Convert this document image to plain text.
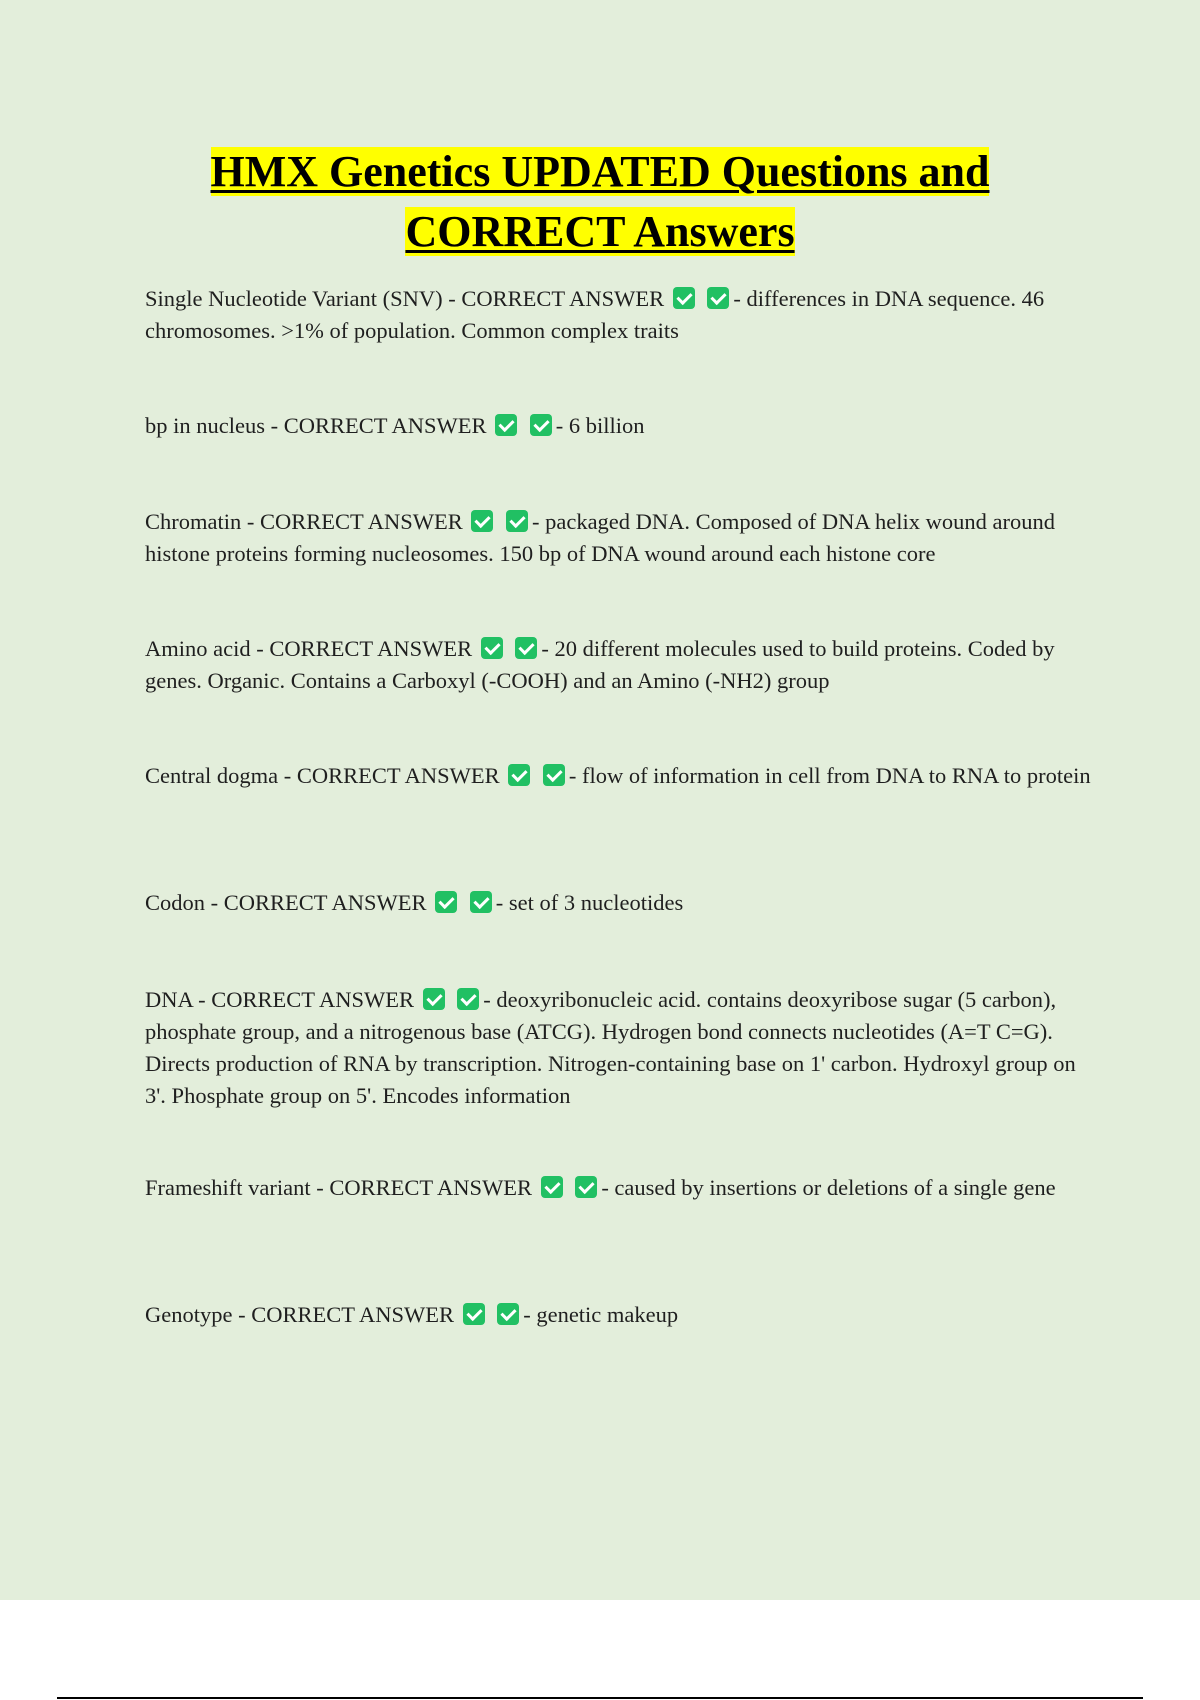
HMX Genetics UPDATED Questions and
CORRECT Answers

Single Nucleotide Variant (SNV) - CORRECT ANSWER	- differences in DNA sequence. 46 chromosomes. >1% of population. Common complex traits

bp in nucleus - CORRECT ANSWER	- 6 billion

Chromatin - CORRECT ANSWER	- packaged DNA. Composed of DNA helix wound around histone proteins forming nucleosomes. 150 bp of DNA wound around each histone core

Amino acid - CORRECT ANSWER	- 20 different molecules used to build proteins. Coded by genes. Organic. Contains a Carboxyl (-COOH) and an Amino (-NH2) group

Central dogma - CORRECT ANSWER	- flow of information in cell from DNA to RNA to protein

Codon - CORRECT ANSWER	- set of 3 nucleotides

DNA - CORRECT ANSWER	- deoxyribonucleic acid. contains deoxyribose sugar (5 carbon), phosphate group, and a nitrogenous base (ATCG). Hydrogen bond connects nucleotides (A=T C=G). Directs production of RNA by transcription. Nitrogen-containing base on 1' carbon. Hydroxyl group on 3'. Phosphate group on 5'. Encodes information

Frameshift variant - CORRECT ANSWER	- caused by insertions or deletions of a single gene

Genotype - CORRECT ANSWER	- genetic makeup
